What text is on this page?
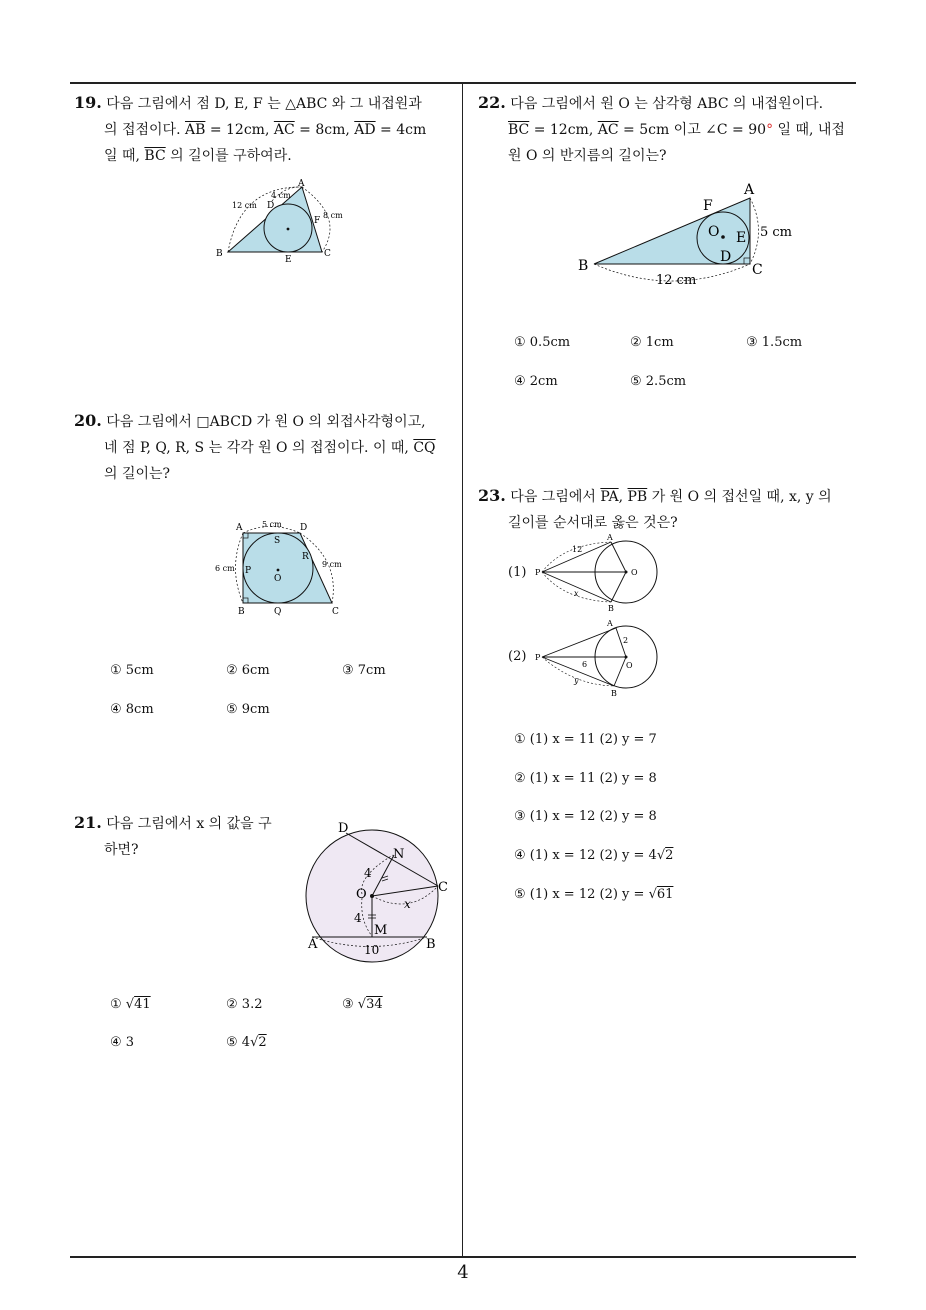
19. 다음 그림에서 점 D, E, F 는 △ABC 와 그 내접원과
의 접점이다. $\overline{AB} = 12cm$, $\overline{AC} = 8cm$, $\overline{AD} = 4cm$
일 때, $\overline{BC}$ 의 길이를 구하여라.
12 cm
4 cm
8 cm
A
B	C
D
E
F
20. 다음 그림에서 □ABCD 가 원 O 의 외접사각형이고,
네 점 P, Q, R, S 는 각각 원 O 의 접점이다. 이 때, $\overline{CQ}$
의 길이는?
5 cm
6 cm	9 cm
A	D
B	C
S
P
Q
R
O
① 5cm	② 6cm	③ 7cm
④ 8cm	⑤ 9cm
21. 다음 그림에서 x 의 값을 구
하면?
D
N
C
O
M
A	B
4
4
10
x
① √41	② 3.2	③ √34
④ 3	⑤ 4√2
22. 다음 그림에서 원 O 는 삼각형 ABC 의 내접원이다.
$\overline{BC} = 12cm$, $\overline{AC} = 5cm$ 이고 ∠C = 90° 일 때, 내접
원 O 의 반지름의 길이는?
A
B	C
D
E
F
O	5 cm
12 cm
① 0.5cm	② 1cm	③ 1.5cm
④ 2cm	⑤ 2.5cm
23. 다음 그림에서 $\overline{PA}$, $\overline{PB}$ 가 원 O 의 접선일 때, x, y 의
길이를 순서대로 옳은 것은?
(1) P
A
B
O
12
x
(2) P
A
B
O
2
6
y
① (1) x = 11 (2) y = 7
② (1) x = 11 (2) y = 8
③ (1) x = 12 (2) y = 8
④ (1) x = 12 (2) y = 4√2
⑤ (1) x = 12 (2) y = √61
4
